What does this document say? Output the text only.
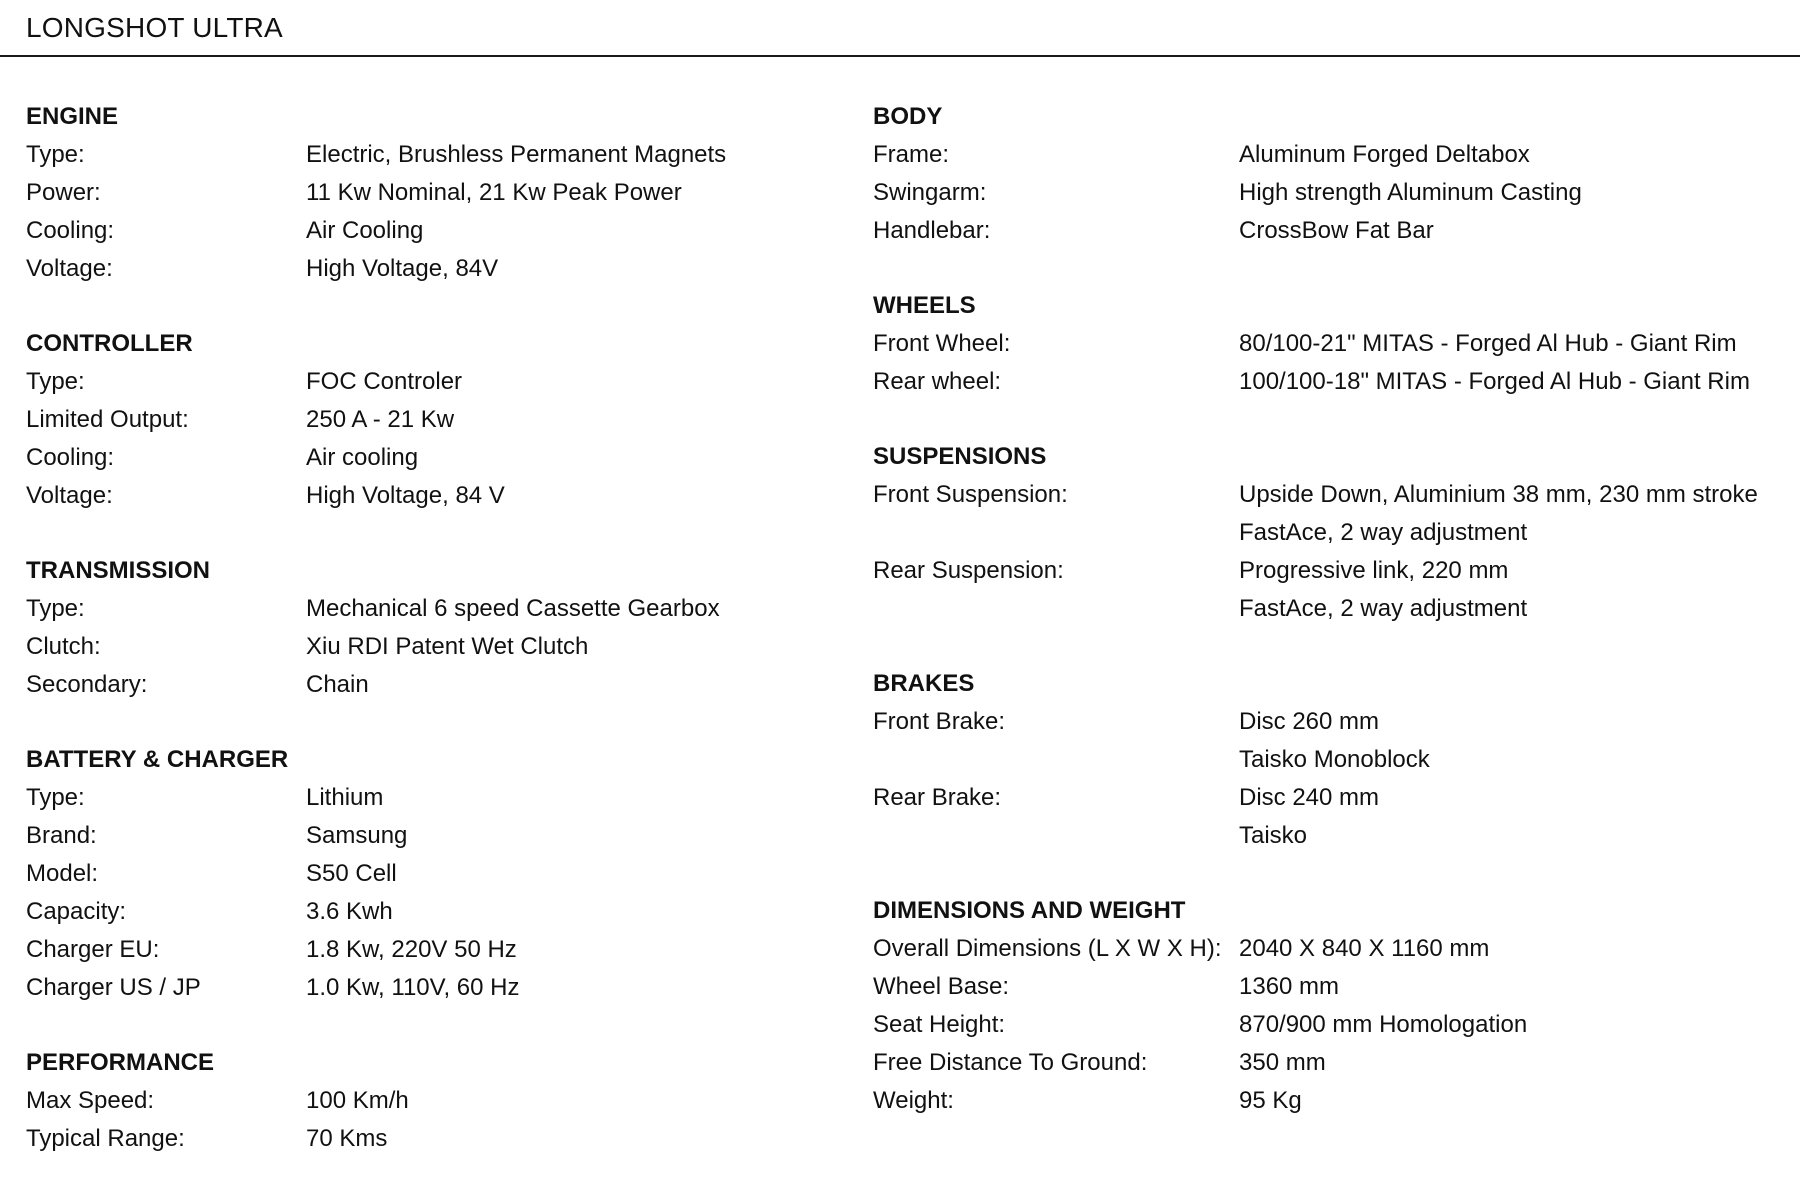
LONGSHOT ULTRA
ENGINE
Type:	Electric, Brushless Permanent Magnets
Power:	11 Kw Nominal, 21 Kw Peak Power
Cooling:	Air Cooling
Voltage:	High Voltage, 84V
CONTROLLER
Type:	FOC Controler
Limited Output:	250 A - 21 Kw
Cooling:	Air cooling
Voltage:	High Voltage, 84 V
TRANSMISSION
Type:	Mechanical 6 speed Cassette Gearbox
Clutch:	Xiu RDI Patent Wet Clutch
Secondary:	Chain
BATTERY & CHARGER
Type:	Lithium
Brand:	Samsung
Model:	S50 Cell
Capacity:	3.6 Kwh
Charger EU:	1.8 Kw, 220V 50 Hz
Charger US / JP	1.0 Kw, 110V, 60 Hz
PERFORMANCE
Max Speed:	100 Km/h
Typical Range:	70 Kms
BODY
Frame:	Aluminum Forged Deltabox
Swingarm:	High strength Aluminum Casting
Handlebar:	CrossBow Fat Bar
WHEELS
Front Wheel:	80/100-21" MITAS - Forged Al Hub - Giant Rim
Rear wheel:	100/100-18" MITAS - Forged Al Hub - Giant Rim
SUSPENSIONS
Front Suspension:	Upside Down, Aluminium 38 mm, 230 mm stroke
FastAce, 2 way adjustment
Rear Suspension:	Progressive link, 220 mm
FastAce, 2 way adjustment
BRAKES
Front Brake:	Disc 260 mm
Taisko Monoblock
Rear Brake:	Disc 240 mm
Taisko
DIMENSIONS AND WEIGHT
Overall Dimensions (L X W X H): 2040 X 840 X 1160 mm
Wheel Base:	1360 mm
Seat Height:	870/900 mm Homologation
Free Distance To Ground:	350 mm
Weight:	95 Kg
